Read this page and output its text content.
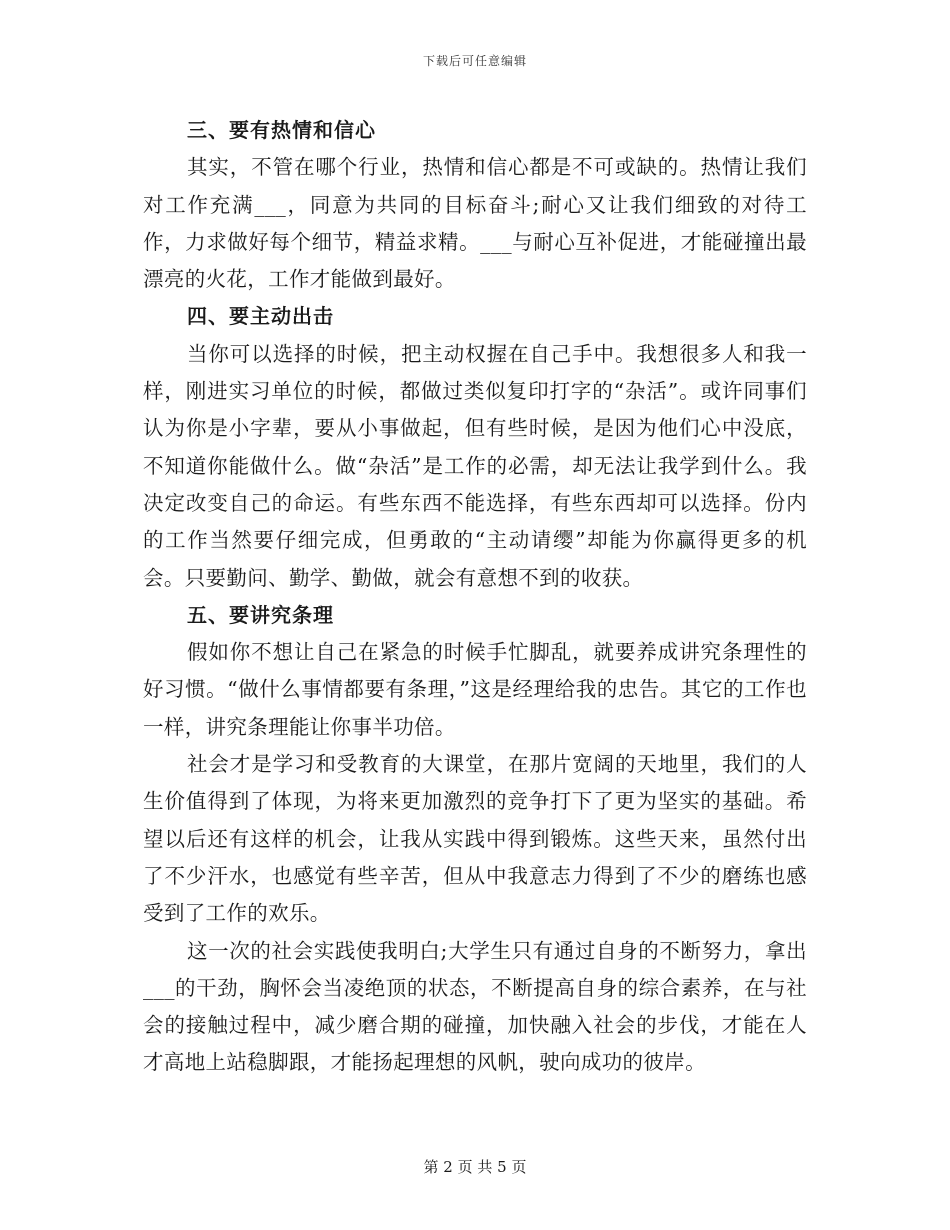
下载后可任意编辑
三、要有热情和信心
其实，不管在哪个行业，热情和信心都是不可或缺的。热情让我们对工作充满___，同意为共同的目标奋斗;耐心又让我们细致的对待工作，力求做好每个细节，精益求精。___与耐心互补促进，才能碰撞出最漂亮的火花，工作才能做到最好。
四、要主动出击
当你可以选择的时候，把主动权握在自己手中。我想很多人和我一样，刚进实习单位的时候，都做过类似复印打字的“杂活”。或许同事们认为你是小字辈，要从小事做起，但有些时候，是因为他们心中没底，不知道你能做什么。做“杂活”是工作的必需，却无法让我学到什么。我决定改变自己的命运。有些东西不能选择，有些东西却可以选择。份内的工作当然要仔细完成，但勇敢的“主动请缨”却能为你赢得更多的机会。只要勤问、勤学、勤做，就会有意想不到的收获。
五、要讲究条理
假如你不想让自己在紧急的时候手忙脚乱，就要养成讲究条理性的好习惯。“做什么事情都要有条理，”这是经理给我的忠告。其它的工作也一样，讲究条理能让你事半功倍。
社会才是学习和受教育的大课堂，在那片宽阔的天地里，我们的人生价值得到了体现，为将来更加激烈的竞争打下了更为坚实的基础。希望以后还有这样的机会，让我从实践中得到锻炼。这些天来，虽然付出了不少汗水，也感觉有些辛苦，但从中我意志力得到了不少的磨练也感受到了工作的欢乐。
这一次的社会实践使我明白;大学生只有通过自身的不断努力，拿出___的干劲，胸怀会当凌绝顶的状态，不断提高自身的综合素养，在与社会的接触过程中，减少磨合期的碰撞，加快融入社会的步伐，才能在人才高地上站稳脚跟，才能扬起理想的风帆，驶向成功的彼岸。
第 2 页 共 5 页
